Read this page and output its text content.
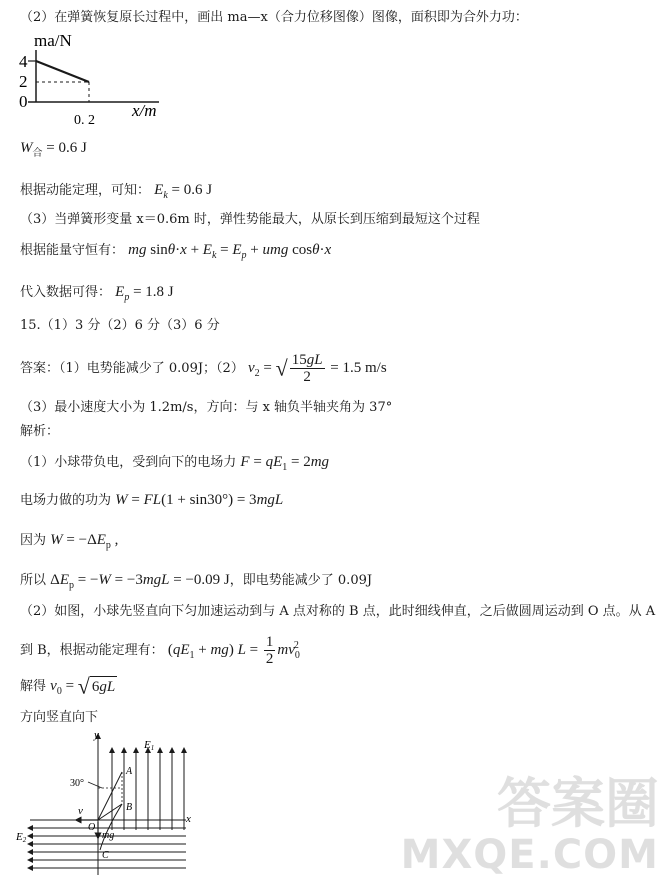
（2）在弹簧恢复原长过程中，画出 ma—x（合力位移图像）图像，面积即为合外力功：
ma/N
4
2
0
0. 2
x/m
$W_合 = 0.6$ J
根据动能定理，可知： $E_k = 0.6$ J
（3）当弹簧形变量 x＝0.6m 时，弹性势能最大，从原长到压缩到最短这个过程
根据能量守恒有： mg $\sin\theta\cdot x + E_k = E_p$ + umg cosθ·x
代入数据可得： $E_p = 1.8$ J
15.（1）3 分（2）6 分（3）6 分
答案：（1）电势能减少了 0.09J；（2） $v_2$ = √ $\frac{15gL}{2} = 1.5$ m/s
（3）最小速度大小为 1.2m/s，方向：与 x 轴负半轴夹角为 37°
解析：
（1）小球带负电，受到向下的电场力 $F = qE_1 = 2mg$
电场力做的功为 W = FL(1 + sin30°) = 3mgL
因为 $W = -\Delta E_p$ ,
所以 $\Delta E_p = -W = -3mgL = -0.09$ J，即电势能减少了 0.09J
（2）如图，小球先竖直向下匀加速运动到与 A 点对称的 B 点，此时细线伸直，之后做圆周运动到 O 点。从 A
到 B，根据动能定理有： $(qE_1 + mg) L = \frac{1}{2} mv_0^2$
解得 $v_0$ = √ 6gL
方向竖直向下
y
E1
x
E2
A
B
30°
O
C
v
mg
答案圈
MXQE.COM
